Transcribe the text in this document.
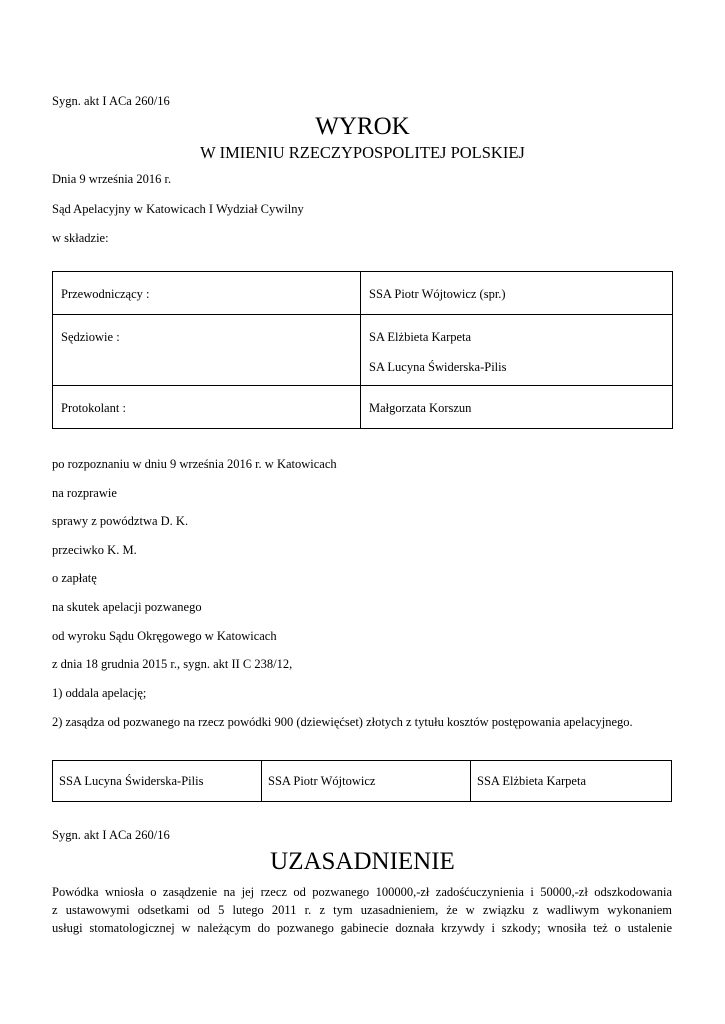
Sygn. akt I ACa 260/16
WYROK
W IMIENIU RZECZYPOSPOLITEJ POLSKIEJ
Dnia 9 września 2016 r.
Sąd Apelacyjny w Katowicach I Wydział Cywilny
w składzie:
Przewodniczący :	SSA Piotr Wójtowicz (spr.)

Sędziowie :	SA Elżbieta Karpeta
SA Lucyna Świderska-Pilis

Protokolant :	Małgorzata Korszun
po rozpoznaniu w dniu 9 września 2016 r. w Katowicach
na rozprawie
sprawy z powództwa D. K.
przeciwko K. M.
o zapłatę
na skutek apelacji pozwanego
od wyroku Sądu Okręgowego w Katowicach
z dnia 18 grudnia 2015 r., sygn. akt II C 238/12,
1) oddala apelację;
2) zasądza od pozwanego na rzecz powódki 900 (dziewięćset) złotych z tytułu kosztów postępowania apelacyjnego.
SSA Lucyna Świderska-Pilis	SSA Piotr Wójtowicz	SSA Elżbieta Karpeta
Sygn. akt I ACa 260/16
UZASADNIENIE
Powódka wniosła o zasądzenie na jej rzecz od pozwanego 100000,-zł zadośćuczynienia i 50000,-zł odszkodowania
z ustawowymi odsetkami od 5 lutego 2011 r. z tym uzasadnieniem, że w związku z wadliwym wykonaniem
usługi stomatologicznej w należącym do pozwanego gabinecie doznała krzywdy i szkody; wnosiła też o ustalenie
